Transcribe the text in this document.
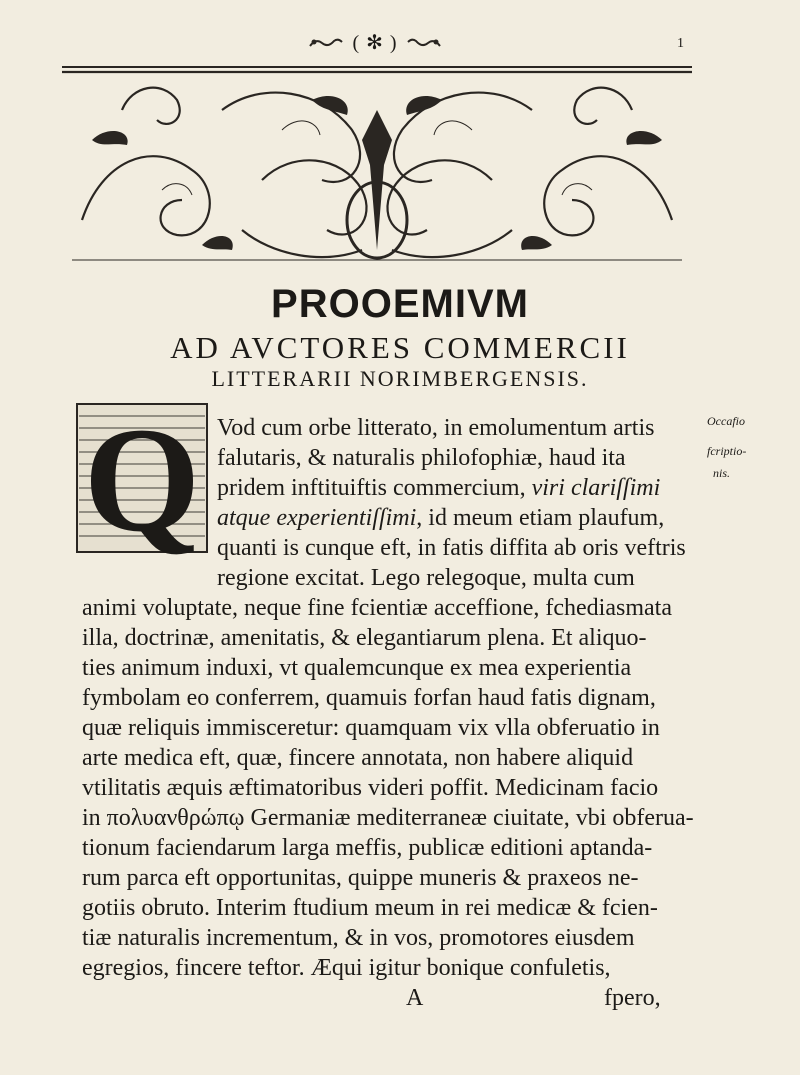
( ✻ )	1
PROOEMIVM
AD AVCTORES COMMERCII
LITTERARII NORIMBERGENSIS.
Q	Occafio
fcriptio-
nis.

Vod cum orbe litterato, in emolumentum artis

falutaris, & naturalis philofophiæ, haud ita

pridem inftituiftis commercium, viri clariſſimi

atque experientiſſimi, id meum etiam plaufum,

quanti is cunque eft, in fatis diffita ab oris veftris

regione excitat. Lego relegoque, multa cum

animi voluptate, neque fine fcientiæ acceffione, fchediasmata

illa, doctrinæ, amenitatis, & elegantiarum plena. Et aliquo-

ties animum induxi, vt qualemcunque ex mea experientia

fymbolam eo conferrem, quamuis forfan haud fatis dignam,

quæ reliquis immisceretur: quamquam vix vlla obferuatio in

arte medica eft, quæ, fincere annotata, non habere aliquid

vtilitatis æquis æftimatoribus videri poffit. Medicinam facio

in πολυανθρώπῳ Germaniæ mediterraneæ ciuitate, vbi obferua-

tionum faciendarum larga meffis, publicæ editioni aptanda-

rum parca eft opportunitas, quippe muneris & praxeos ne-

gotiis obruto. Interim ftudium meum in rei medicæ & fcien-

tiæ naturalis incrementum, & in vos, promotores eiusdem

egregios, fincere teftor. Æqui igitur bonique confuletis,

A	fpero,
